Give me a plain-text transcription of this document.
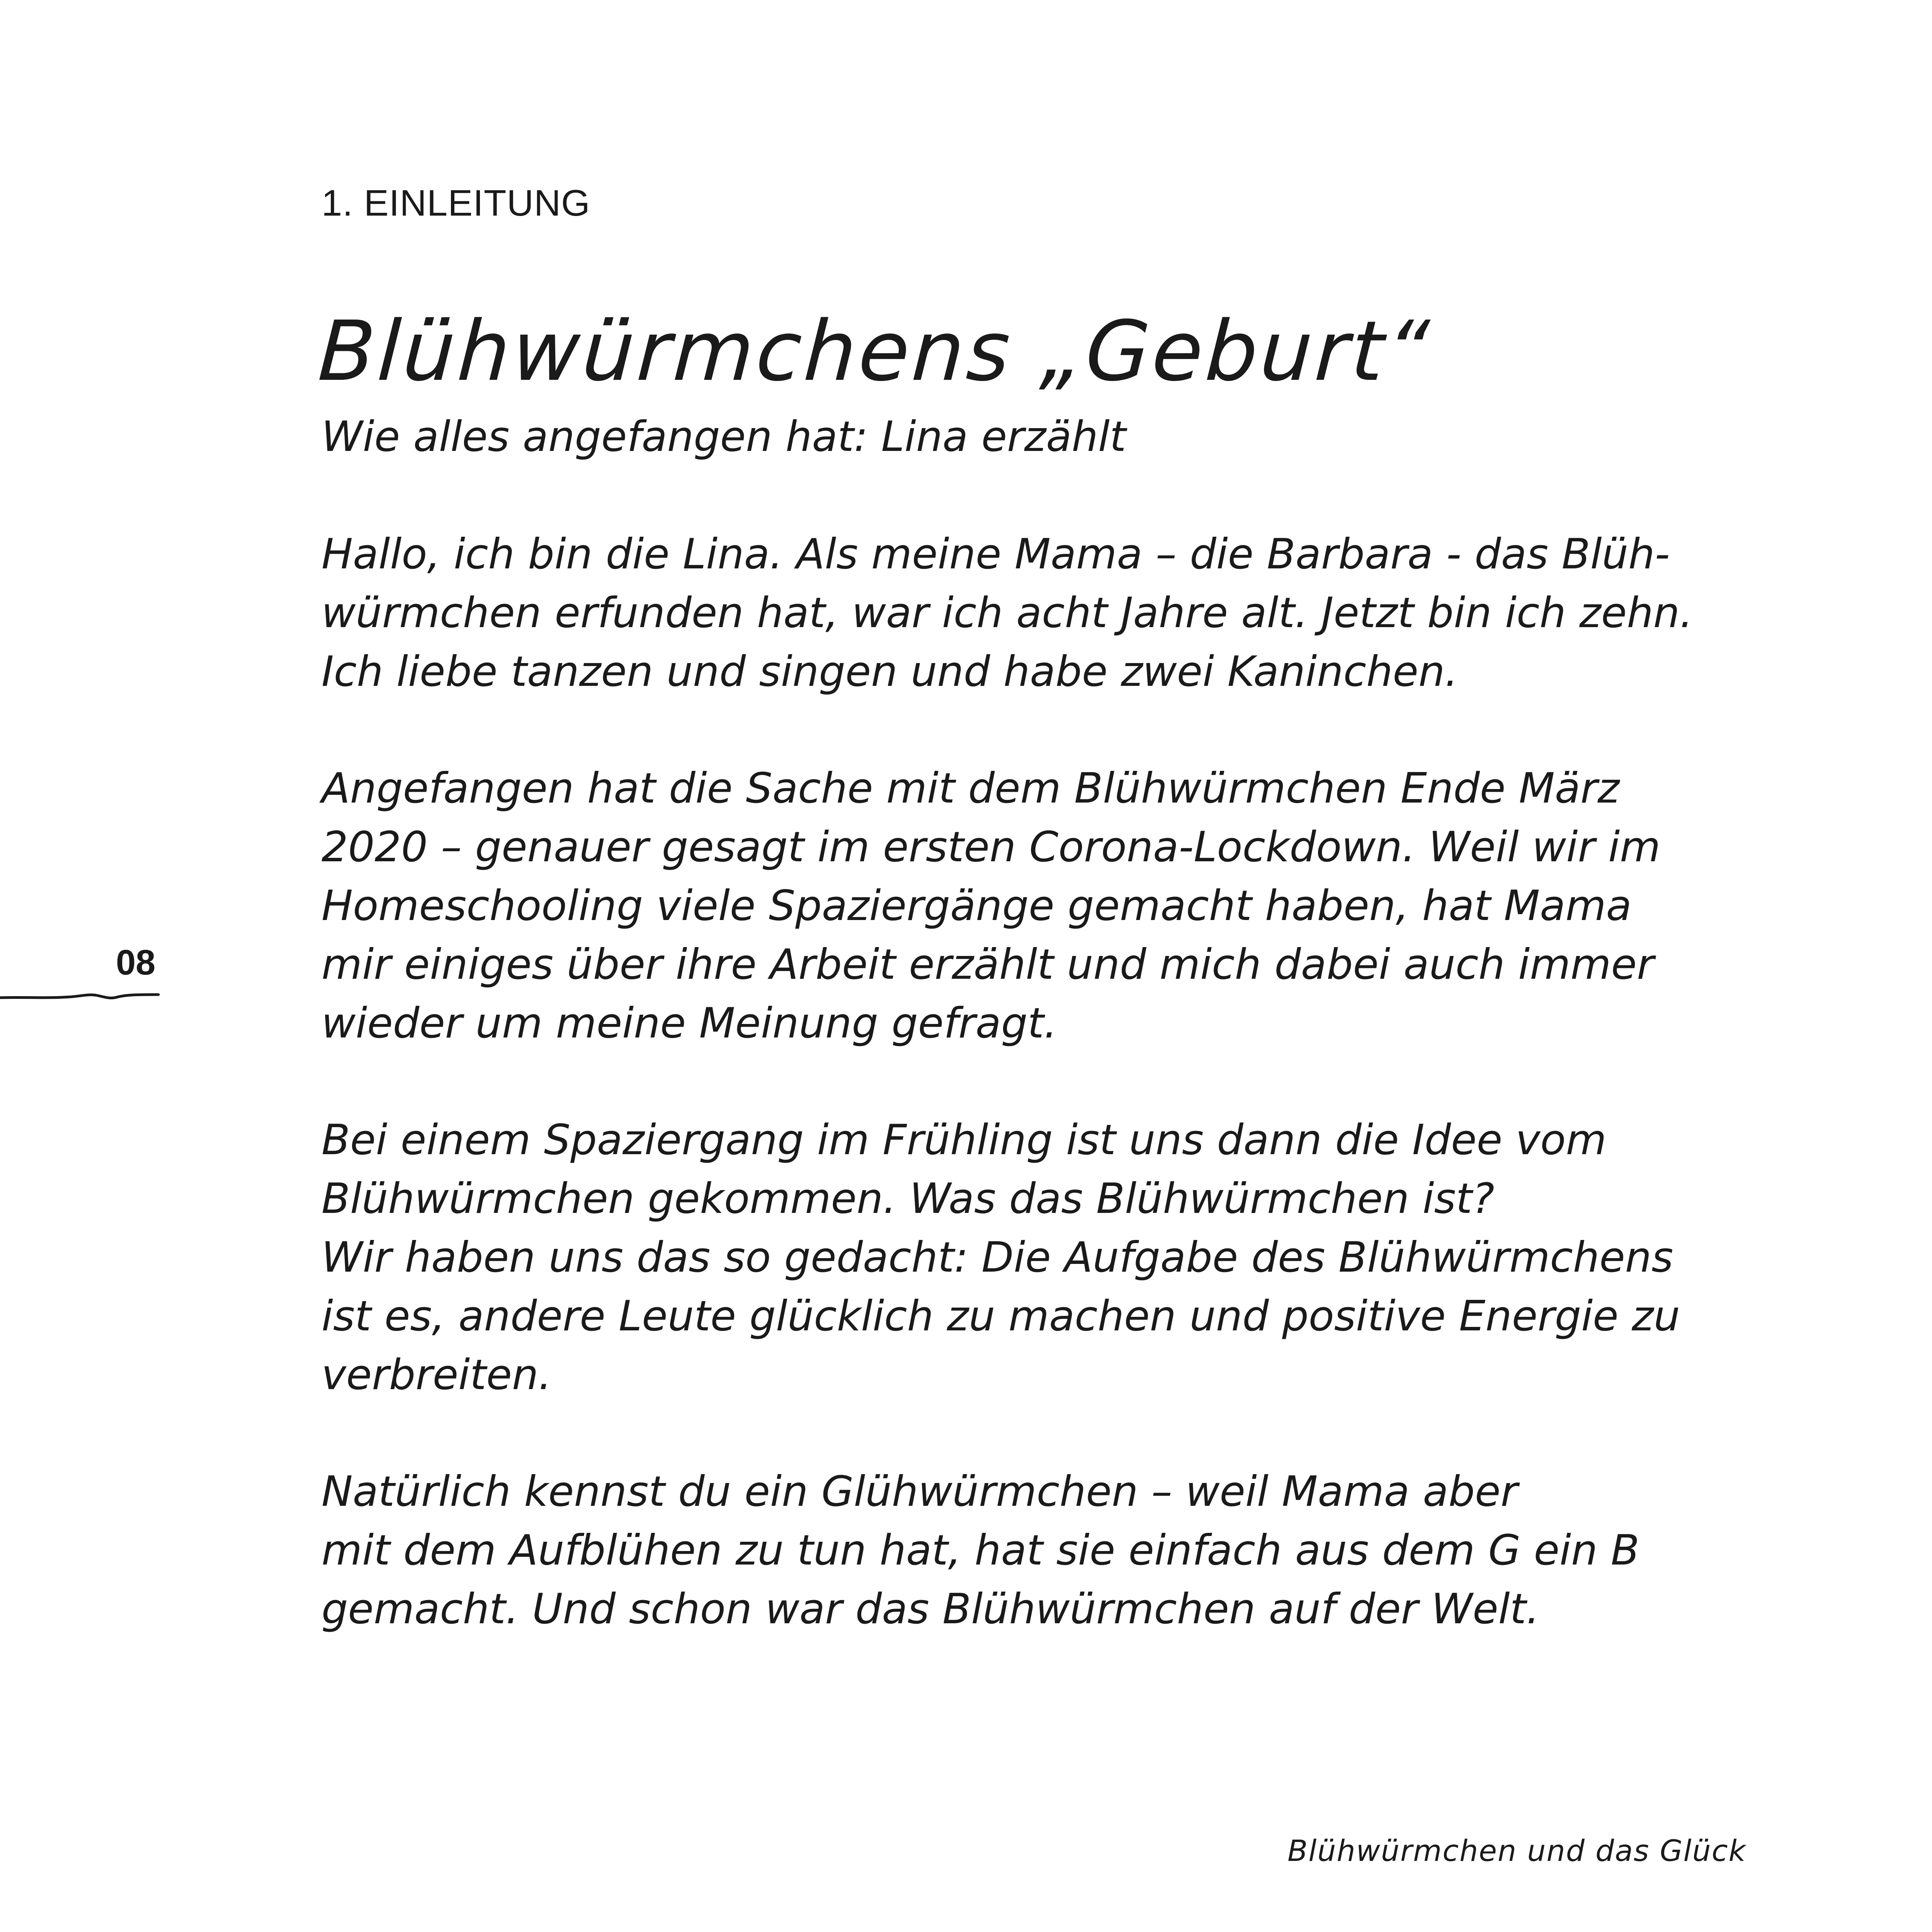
1. EINLEITUNG
Blühwürmchens „Geburt“

Wie alles angefangen hat: Lina erzählt

Hallo, ich bin die Lina. Als meine Mama – die Barbara - das Blüh-
würmchen erfunden hat, war ich acht Jahre alt. Jetzt bin ich zehn.
Ich liebe tanzen und singen und habe zwei Kaninchen.

Angefangen hat die Sache mit dem Blühwürmchen Ende März
2020 – genauer gesagt im ersten Corona-Lockdown. Weil wir im
Homeschooling viele Spaziergänge gemacht haben, hat Mama
mir einiges über ihre Arbeit erzählt und mich dabei auch immer
wieder um meine Meinung gefragt.

Bei einem Spaziergang im Frühling ist uns dann die Idee vom
Blühwürmchen gekommen. Was das Blühwürmchen ist?
Wir haben uns das so gedacht: Die Aufgabe des Blühwürmchens
ist es, andere Leute glücklich zu machen und positive Energie zu
verbreiten.

Natürlich kennst du ein Glühwürmchen – weil Mama aber
mit dem Aufblühen zu tun hat, hat sie einfach aus dem G ein B
gemacht. Und schon war das Blühwürmchen auf der Welt.

08
Blühwürmchen und das Glück
